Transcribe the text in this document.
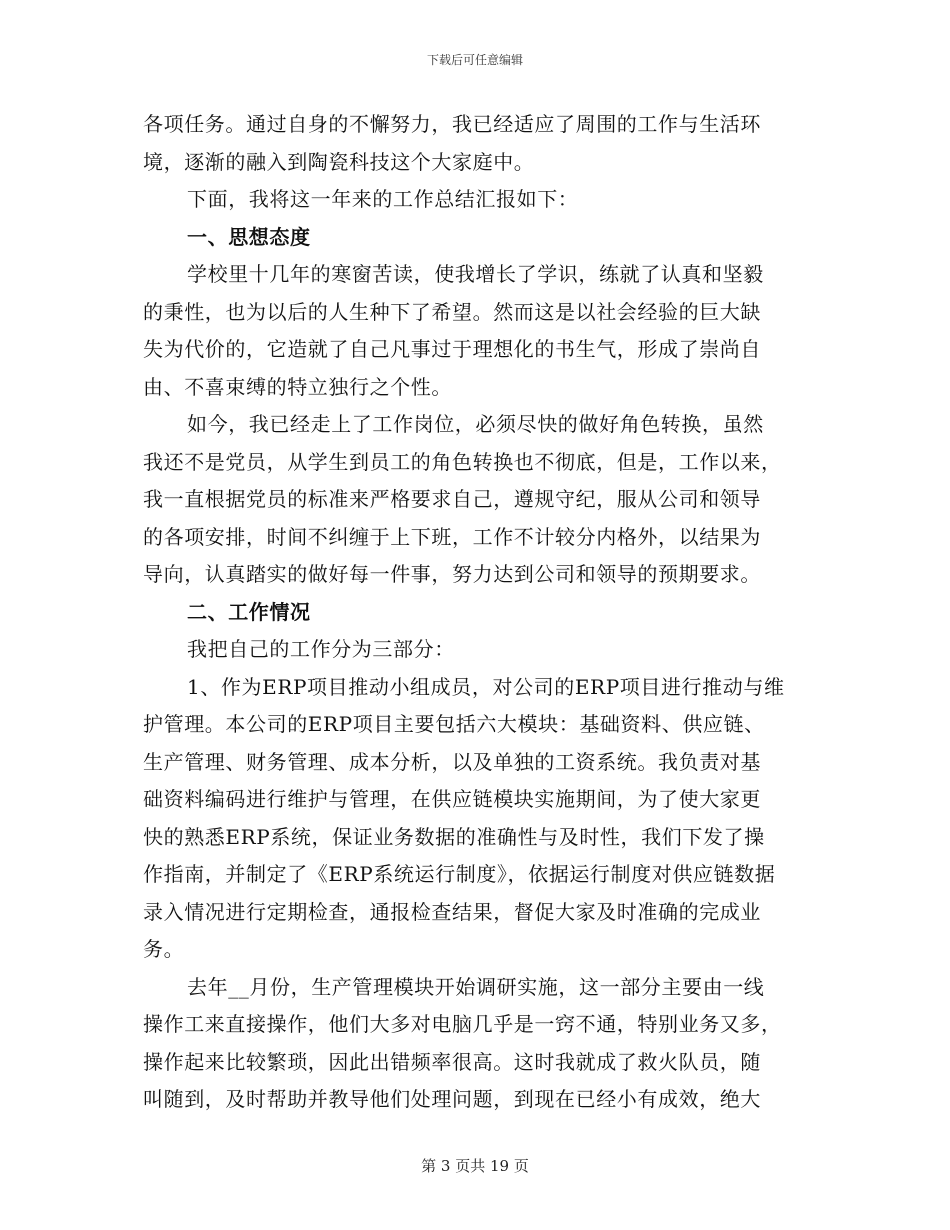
下载后可任意编辑
各项任务。通过自身的不懈努力，我已经适应了周围的工作与生活环
境，逐渐的融入到陶瓷科技这个大家庭中。
下面，我将这一年来的工作总结汇报如下：
一、思想态度
学校里十几年的寒窗苦读，使我增长了学识，练就了认真和坚毅
的秉性，也为以后的人生种下了希望。然而这是以社会经验的巨大缺
失为代价的，它造就了自己凡事过于理想化的书生气，形成了崇尚自
由、不喜束缚的特立独行之个性。
如今，我已经走上了工作岗位，必须尽快的做好角色转换，虽然
我还不是党员，从学生到员工的角色转换也不彻底，但是，工作以来，
我一直根据党员的标准来严格要求自己，遵规守纪，服从公司和领导
的各项安排，时间不纠缠于上下班，工作不计较分内格外，以结果为
导向，认真踏实的做好每一件事，努力达到公司和领导的预期要求。
二、工作情况
我把自己的工作分为三部分：
1、作为ERP项目推动小组成员，对公司的ERP项目进行推动与维
护管理。本公司的ERP项目主要包括六大模块：基础资料、供应链、
生产管理、财务管理、成本分析，以及单独的工资系统。我负责对基
础资料编码进行维护与管理，在供应链模块实施期间，为了使大家更
快的熟悉ERP系统，保证业务数据的准确性与及时性，我们下发了操
作指南，并制定了《ERP系统运行制度》，依据运行制度对供应链数据
录入情况进行定期检查，通报检查结果，督促大家及时准确的完成业
务。
去年__月份，生产管理模块开始调研实施，这一部分主要由一线
操作工来直接操作，他们大多对电脑几乎是一窍不通，特别业务又多，
操作起来比较繁琐，因此出错频率很高。这时我就成了救火队员，随
叫随到，及时帮助并教导他们处理问题，到现在已经小有成效，绝大
第 3 页共 19 页
